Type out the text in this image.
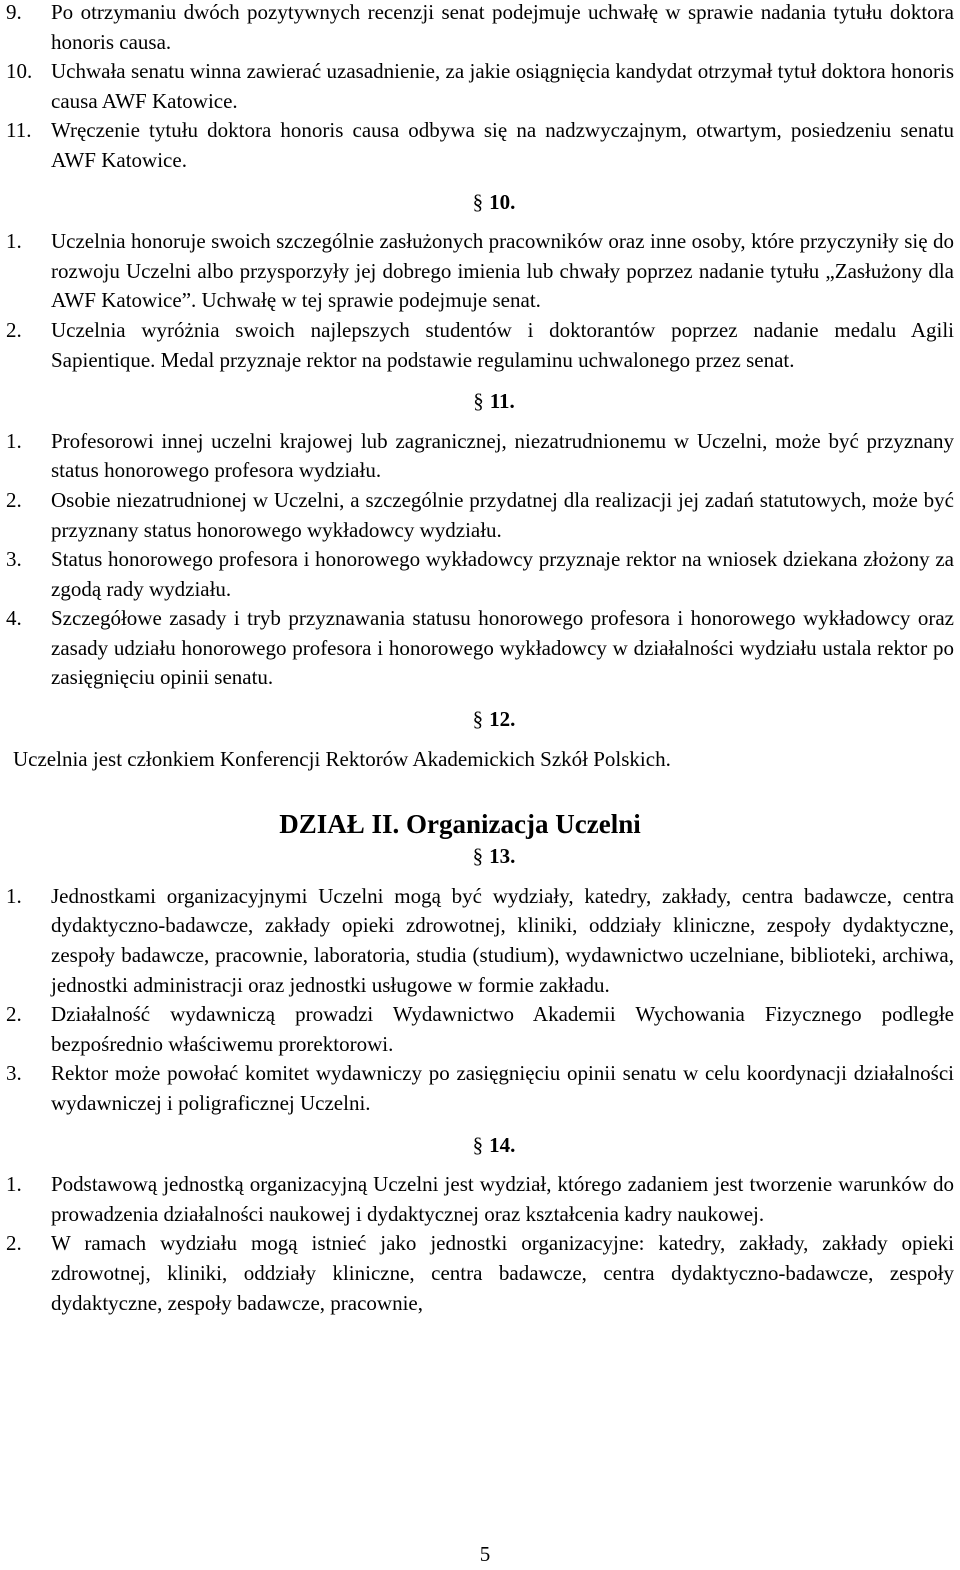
9.	Po otrzymaniu dwóch pozytywnych recenzji senat podejmuje uchwałę w sprawie nadania tytułu doktora honoris causa.
10. Uchwała senatu winna zawierać uzasadnienie, za jakie osiągnięcia kandydat otrzymał tytuł doktora honoris causa AWF Katowice.
11. Wręczenie tytułu doktora honoris causa odbywa się na nadzwyczajnym, otwartym, posiedzeniu senatu AWF Katowice.
§ 10.
1.	Uczelnia honoruje swoich szczególnie zasłużonych pracowników oraz inne osoby, które przyczyniły się do rozwoju Uczelni albo przysporzyły jej dobrego imienia lub chwały poprzez nadanie tytułu „Zasłużony dla AWF Katowice”. Uchwałę w tej sprawie podejmuje senat.
2.	Uczelnia wyróżnia swoich najlepszych studentów i doktorantów poprzez nadanie medalu Agili Sapientique. Medal przyznaje rektor na podstawie regulaminu uchwalonego przez senat.
§ 11.
1.	Profesorowi innej uczelni krajowej lub zagranicznej, niezatrudnionemu w Uczelni, może być przyznany status honorowego profesora wydziału.
2.	Osobie niezatrudnionej w Uczelni, a szczególnie przydatnej dla realizacji jej zadań statutowych, może być przyznany status honorowego wykładowcy wydziału.
3.	Status honorowego profesora i honorowego wykładowcy przyznaje rektor na wniosek dziekana złożony za zgodą rady wydziału.
4.	Szczegółowe zasady i tryb przyznawania statusu honorowego profesora i honorowego wykładowcy oraz zasady udziału honorowego profesora i honorowego wykładowcy w działalności wydziału ustala rektor po zasięgnięciu opinii senatu.
§ 12.

Uczelnia jest członkiem Konferencji Rektorów Akademickich Szkół Polskich.

DZIAŁ II. Organizacja Uczelni
§ 13.
1.	Jednostkami organizacyjnymi Uczelni mogą być wydziały, katedry, zakłady, centra badawcze, centra dydaktyczno-badawcze, zakłady opieki zdrowotnej, kliniki, oddziały kliniczne, zespoły dydaktyczne, zespoły badawcze, pracownie, laboratoria, studia (studium), wydawnictwo uczelniane, biblioteki, archiwa, jednostki administracji oraz jednostki usługowe w formie zakładu.
2.	Działalność wydawniczą prowadzi Wydawnictwo Akademii Wychowania Fizycznego podległe bezpośrednio właściwemu prorektorowi.
3.	Rektor może powołać komitet wydawniczy po zasięgnięciu opinii senatu w celu koordynacji działalności wydawniczej i poligraficznej Uczelni.
§ 14.
1.	Podstawową jednostką organizacyjną Uczelni jest wydział, którego zadaniem jest tworzenie warunków do prowadzenia działalności naukowej i dydaktycznej oraz kształcenia kadry naukowej.
2.	W ramach wydziału mogą istnieć jako jednostki organizacyjne: katedry, zakłady, zakłady opieki zdrowotnej, kliniki, oddziały kliniczne, centra badawcze, centra dydaktyczno-badawcze, zespoły dydaktyczne, zespoły badawcze, pracownie,
5
